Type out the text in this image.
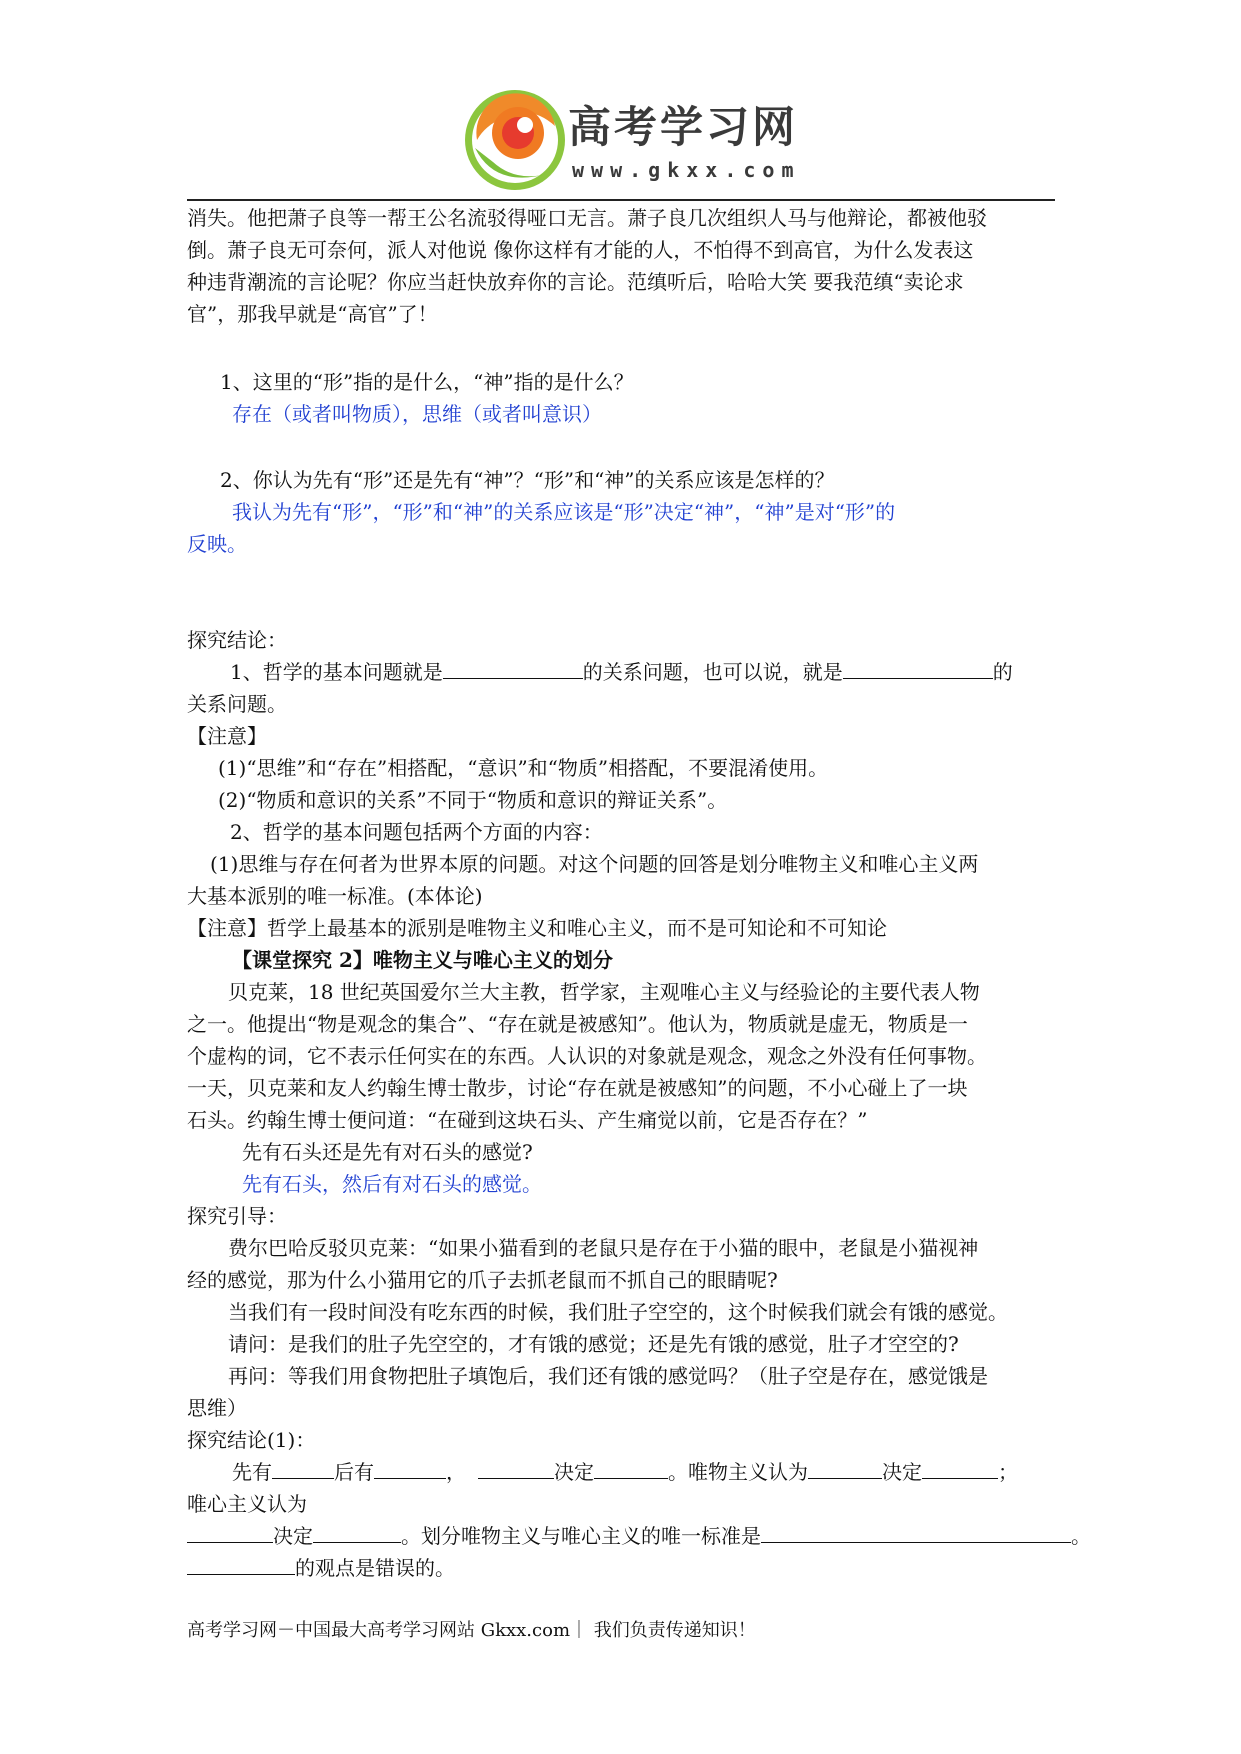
高考学习网
www.gkxx.com
消失。他把萧子良等一帮王公名流驳得哑口无言。萧子良几次组织人马与他辩论，都被他驳
倒。萧子良无可奈何，派人对他说 像你这样有才能的人，不怕得不到高官，为什么发表这
种违背潮流的言论呢？你应当赶快放弃你的言论。范缜听后，哈哈大笑 要我范缜“卖论求
官”，那我早就是“高官”了！
1、这里的“形”指的是什么，“神”指的是什么？
存在（或者叫物质），思维（或者叫意识）
2、你认为先有“形”还是先有“神”？“形”和“神”的关系应该是怎样的？
我认为先有“形”，“形”和“神”的关系应该是“形”决定“神”，“神”是对“形”的
反映。
探究结论：
1、哲学的基本问题就是	的关系问题，也可以说，就是	的
关系问题。
【注意】
(1)“思维”和“存在”相搭配，“意识”和“物质”相搭配，不要混淆使用。
(2)“物质和意识的关系”不同于“物质和意识的辩证关系”。
2、哲学的基本问题包括两个方面的内容：
(1)思维与存在何者为世界本原的问题。对这个问题的回答是划分唯物主义和唯心主义两
大基本派别的唯一标准。(本体论)
【注意】哲学上最基本的派别是唯物主义和唯心主义，而不是可知论和不可知论
【课堂探究 2】唯物主义与唯心主义的划分
贝克莱，18 世纪英国爱尔兰大主教，哲学家，主观唯心主义与经验论的主要代表人物
之一。他提出“物是观念的集合”、“存在就是被感知”。他认为，物质就是虚无，物质是一
个虚构的词，它不表示任何实在的东西。人认识的对象就是观念，观念之外没有任何事物。
一天，贝克莱和友人约翰生博士散步，讨论“存在就是被感知”的问题，不小心碰上了一块
石头。约翰生博士便问道：“在碰到这块石头、产生痛觉以前，它是否存在？”
先有石头还是先有对石头的感觉?
先有石头，然后有对石头的感觉。
探究引导：
费尔巴哈反驳贝克莱：“如果小猫看到的老鼠只是存在于小猫的眼中，老鼠是小猫视神
经的感觉，那为什么小猫用它的爪子去抓老鼠而不抓自己的眼睛呢?
当我们有一段时间没有吃东西的时候，我们肚子空空的，这个时候我们就会有饿的感觉。
请问：是我们的肚子先空空的，才有饿的感觉；还是先有饿的感觉，肚子才空空的?
再问：等我们用食物把肚子填饱后，我们还有饿的感觉吗？（肚子空是存在，感觉饿是
思维）
探究结论(1)：
先有	后有	，	决定	。唯物主义认为	决定	；
唯心主义认为
决定	。划分唯物主义与唯心主义的唯一标准是	。
的观点是错误的。
高考学习网－中国最大高考学习网站 Gkxx.com｜ 我们负责传递知识！
